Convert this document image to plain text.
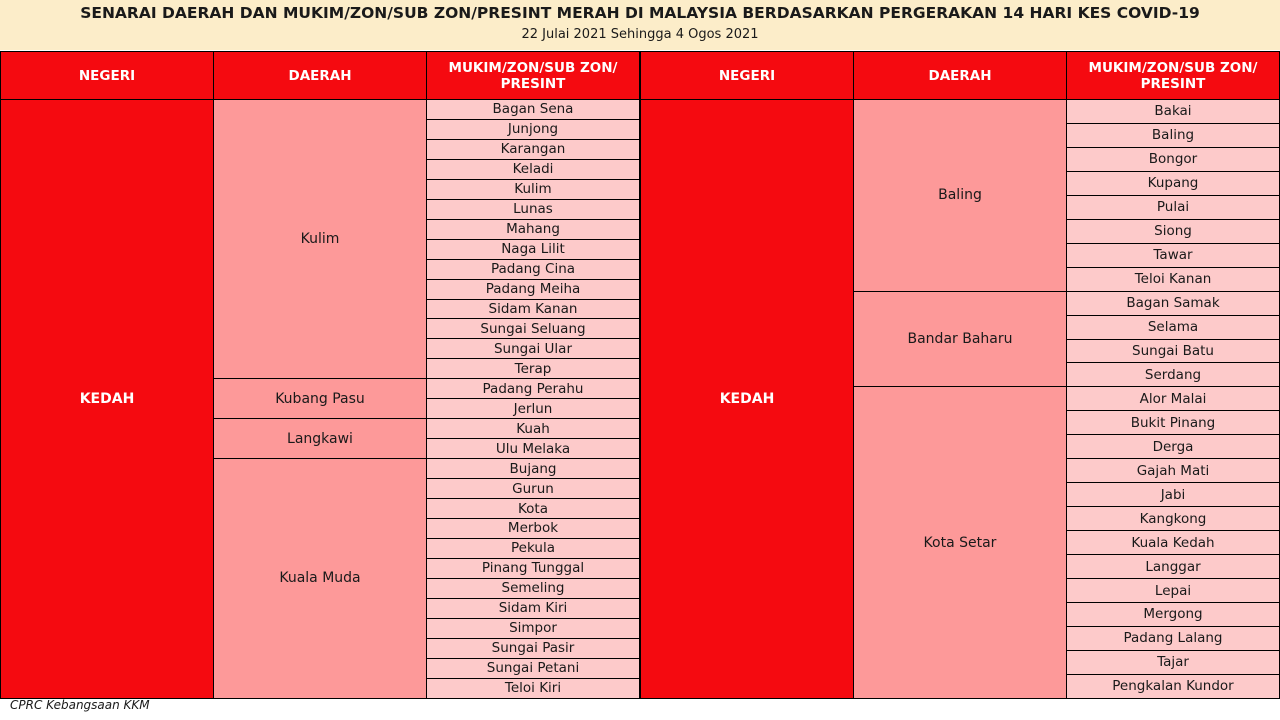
SENARAI DAERAH DAN MUKIM/ZON/SUB ZON/PRESINT MERAH DI MALAYSIA BERDASARKAN PERGERAKAN 14 HARI KES COVID-19
22 Julai 2021 Sehingga 4 Ogos 2021
NEGERI	DAERAH	MUKIM/ZON/SUB ZON/
PRESINT
KEDAH	Kulim	Bagan Sena
		Junjong
		Karangan
		Keladi
		Kulim
		Lunas
		Mahang
		Naga Lilit
		Padang Cina
		Padang Meiha
		Sidam Kanan
		Sungai Seluang
		Sungai Ular
		Terap
	Kubang Pasu	Padang Perahu
		Jerlun
	Langkawi	Kuah
		Ulu Melaka
	Kuala Muda	Bujang
		Gurun
		Kota
		Merbok
		Pekula
		Pinang Tunggal
		Semeling
		Sidam Kiri
		Simpor
		Sungai Pasir
		Sungai Petani
		Teloi Kiri
NEGERI	DAERAH	MUKIM/ZON/SUB ZON/
PRESINT
KEDAH	Baling	Bakai
		Baling
		Bongor
		Kupang
		Pulai
		Siong
		Tawar
		Teloi Kanan
	Bandar Baharu	Bagan Samak
		Selama
		Sungai Batu
		Serdang
	Kota Setar	Alor Malai
		Bukit Pinang
		Derga
		Gajah Mati
		Jabi
		Kangkong
		Kuala Kedah
		Langgar
		Lepai
		Mergong
		Padang Lalang
		Tajar
		Pengkalan Kundor
CPRC Kebangsaan KKM
